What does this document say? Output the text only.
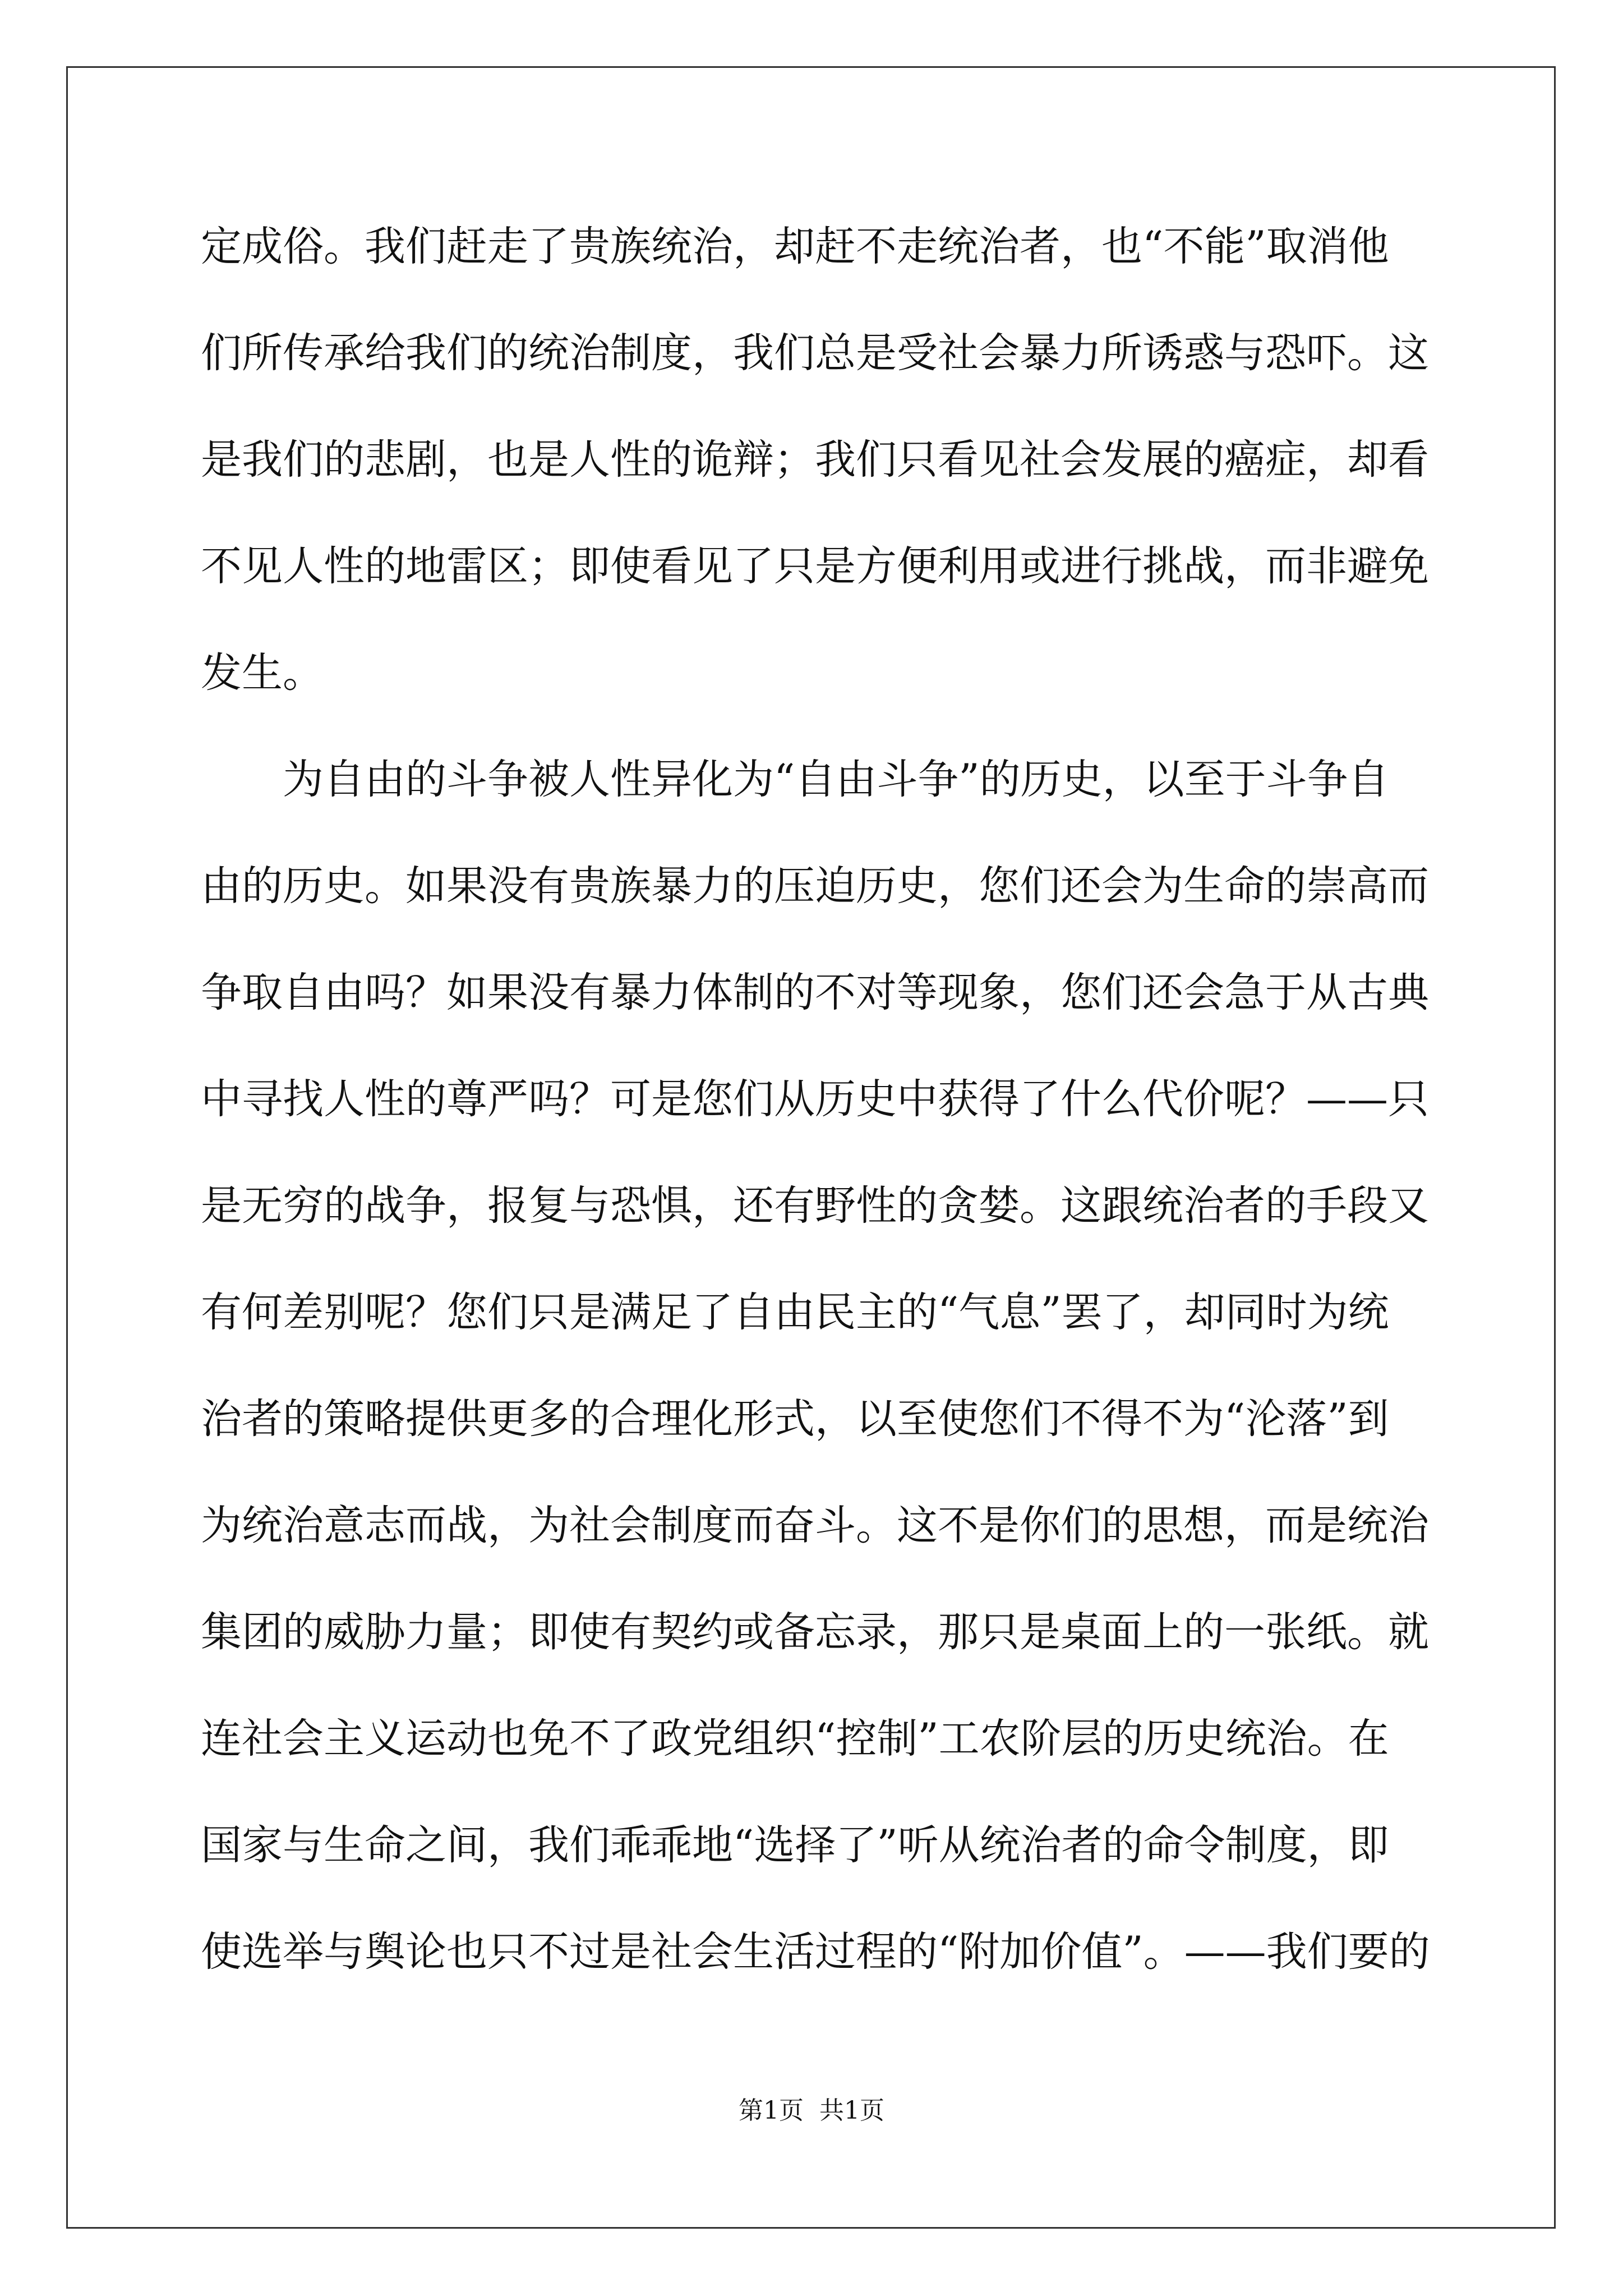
定成俗。我们赶走了贵族统治，却赶不走统治者，也“不能”取消他
们所传承给我们的统治制度，我们总是受社会暴力所诱惑与恐吓。这
是我们的悲剧，也是人性的诡辩；我们只看见社会发展的癌症，却看
不见人性的地雷区；即使看见了只是方便利用或进行挑战，而非避免
发生。
　　为自由的斗争被人性异化为“自由斗争”的历史，以至于斗争自
由的历史。如果没有贵族暴力的压迫历史，您们还会为生命的崇高而
争取自由吗？如果没有暴力体制的不对等现象，您们还会急于从古典
中寻找人性的尊严吗？可是您们从历史中获得了什么代价呢？——只
是无穷的战争，报复与恐惧，还有野性的贪婪。这跟统治者的手段又
有何差别呢？您们只是满足了自由民主的“气息”罢了，却同时为统
治者的策略提供更多的合理化形式，以至使您们不得不为“沦落”到
为统治意志而战，为社会制度而奋斗。这不是你们的思想，而是统治
集团的威胁力量；即使有契约或备忘录，那只是桌面上的一张纸。就
连社会主义运动也免不了政党组织“控制”工农阶层的历史统治。在
国家与生命之间，我们乖乖地“选择了”听从统治者的命令制度，即
使选举与舆论也只不过是社会生活过程的“附加价值”。——我们要的
第1页  共1页
